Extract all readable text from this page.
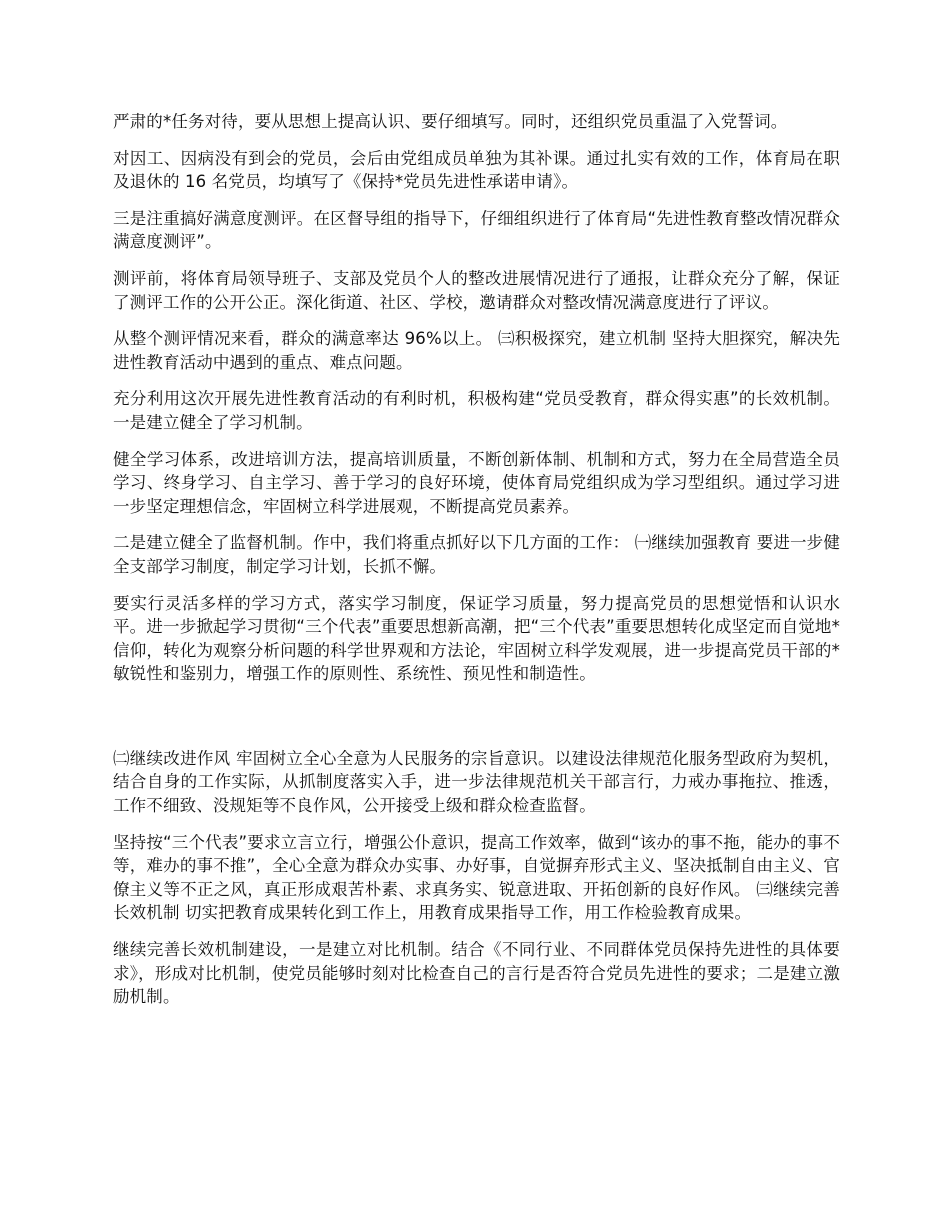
严肃的*任务对待，要从思想上提高认识、要仔细填写。同时，还组织党员重温了入党誓词。

对因工、因病没有到会的党员，会后由党组成员单独为其补课。通过扎实有效的工作，体育局在职及退休的 16 名党员，均填写了《保持*党员先进性承诺申请》。

三是注重搞好满意度测评。在区督导组的指导下，仔细组织进行了体育局“先进性教育整改情况群众满意度测评”。

测评前，将体育局领导班子、支部及党员个人的整改进展情况进行了通报，让群众充分了解，保证了测评工作的公开公正。深化街道、社区、学校，邀请群众对整改情况满意度进行了评议。

从整个测评情况来看，群众的满意率达 96%以上。 ㈢积极探究，建立机制 坚持大胆探究，解决先进性教育活动中遇到的重点、难点问题。

充分利用这次开展先进性教育活动的有利时机，积极构建“党员受教育，群众得实惠”的长效机制。一是建立健全了学习机制。

健全学习体系，改进培训方法，提高培训质量，不断创新体制、机制和方式，努力在全局营造全员学习、终身学习、自主学习、善于学习的良好环境，使体育局党组织成为学习型组织。通过学习进一步坚定理想信念，牢固树立科学进展观，不断提高党员素养。

二是建立健全了监督机制。作中，我们将重点抓好以下几方面的工作： ㈠继续加强教育 要进一步健全支部学习制度，制定学习计划，长抓不懈。

要实行灵活多样的学习方式，落实学习制度，保证学习质量，努力提高党员的思想觉悟和认识水平。进一步掀起学习贯彻“三个代表”重要思想新高潮，把“三个代表”重要思想转化成坚定而自觉地*信仰，转化为观察分析问题的科学世界观和方法论，牢固树立科学发观展，进一步提高党员干部的*敏锐性和鉴别力，增强工作的原则性、系统性、预见性和制造性。

㈡继续改进作风 牢固树立全心全意为人民服务的宗旨意识。以建设法律规范化服务型政府为契机，结合自身的工作实际，从抓制度落实入手，进一步法律规范机关干部言行，力戒办事拖拉、推透，工作不细致、没规矩等不良作风，公开接受上级和群众检查监督。

坚持按“三个代表”要求立言立行，增强公仆意识，提高工作效率，做到“该办的事不拖，能办的事不等，难办的事不推”，全心全意为群众办实事、办好事，自觉摒弃形式主义、坚决抵制自由主义、官僚主义等不正之风，真正形成艰苦朴素、求真务实、锐意进取、开拓创新的良好作风。 ㈢继续完善长效机制 切实把教育成果转化到工作上，用教育成果指导工作，用工作检验教育成果。

继续完善长效机制建设，一是建立对比机制。结合《不同行业、不同群体党员保持先进性的具体要求》，形成对比机制，使党员能够时刻对比检查自己的言行是否符合党员先进性的要求；二是建立激励机制。
